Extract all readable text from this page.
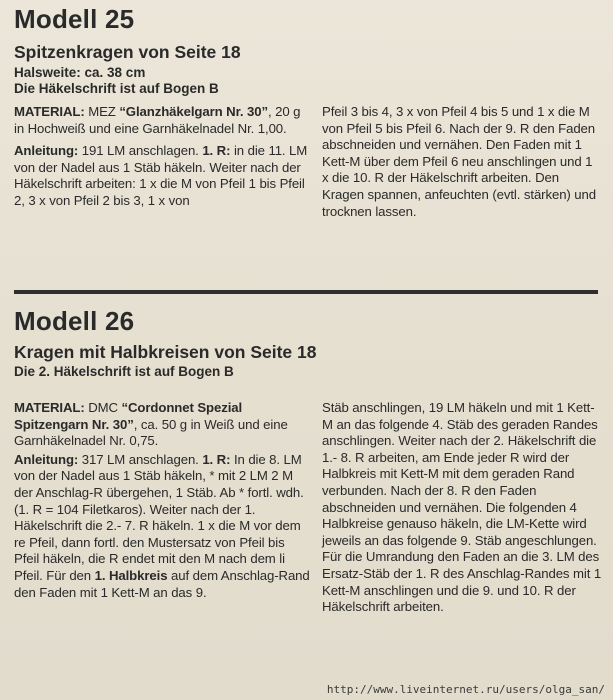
Modell 25
Spitzenkragen von Seite 18
Halsweite: ca. 38 cm
Die Häkelschrift ist auf Bogen B

MATERIAL: MEZ “Glanzhäkelgarn Nr. 30”, 20 g in Hochweiß und eine Garnhäkelnadel Nr. 1,00.

Anleitung: 191 LM anschlagen. 1. R: in die 11. LM von der Nadel aus 1 Stäb häkeln. Weiter nach der Häkelschrift arbeiten: 1 x die M von Pfeil 1 bis Pfeil 2, 3 x von Pfeil 2 bis 3, 1 x von

Pfeil 3 bis 4, 3 x von Pfeil 4 bis 5 und 1 x die M von Pfeil 5 bis Pfeil 6. Nach der 9. R den Faden abschneiden und vernähen. Den Faden mit 1 Kett-M über dem Pfeil 6 neu anschlingen und 1 x die 10. R der Häkelschrift arbeiten. Den Kragen spannen, anfeuchten (evtl. stärken) und trocknen lassen.

Modell 26
Kragen mit Halbkreisen von Seite 18
Die 2. Häkelschrift ist auf Bogen B

MATERIAL: DMC “Cordonnet Spezial Spitzengarn Nr. 30”, ca. 50 g in Weiß und eine Garnhäkelnadel Nr. 0,75.

Anleitung: 317 LM anschlagen. 1. R: In die 8. LM von der Nadel aus 1 Stäb häkeln, * mit 2 LM 2 M der Anschlag-R übergehen, 1 Stäb. Ab * fortl. wdh. (1. R = 104 Filetkaros). Weiter nach der 1. Häkelschrift die 2.- 7. R häkeln. 1 x die M vor dem re Pfeil, dann fortl. den Mustersatz von Pfeil bis Pfeil häkeln, die R endet mit den M nach dem li Pfeil. Für den 1. Halbkreis auf dem Anschlag-Rand den Faden mit 1 Kett-M an das 9.

Stäb anschlingen, 19 LM häkeln und mit 1 Kett-M an das folgende 4. Stäb des geraden Randes anschlingen. Weiter nach der 2. Häkelschrift die 1.- 8. R arbeiten, am Ende jeder R wird der Halbkreis mit Kett-M mit dem geraden Rand verbunden. Nach der 8. R den Faden abschneiden und vernähen. Die folgenden 4 Halbkreise genauso häkeln, die LM-Kette wird jeweils an das folgende 9. Stäb angeschlungen. Für die Umrandung den Faden an die 3. LM des Ersatz-Stäb der 1. R des Anschlag-Randes mit 1 Kett-M anschlingen und die 9. und 10. R der Häkelschrift arbeiten.

http://www.liveinternet.ru/users/olga_san/
